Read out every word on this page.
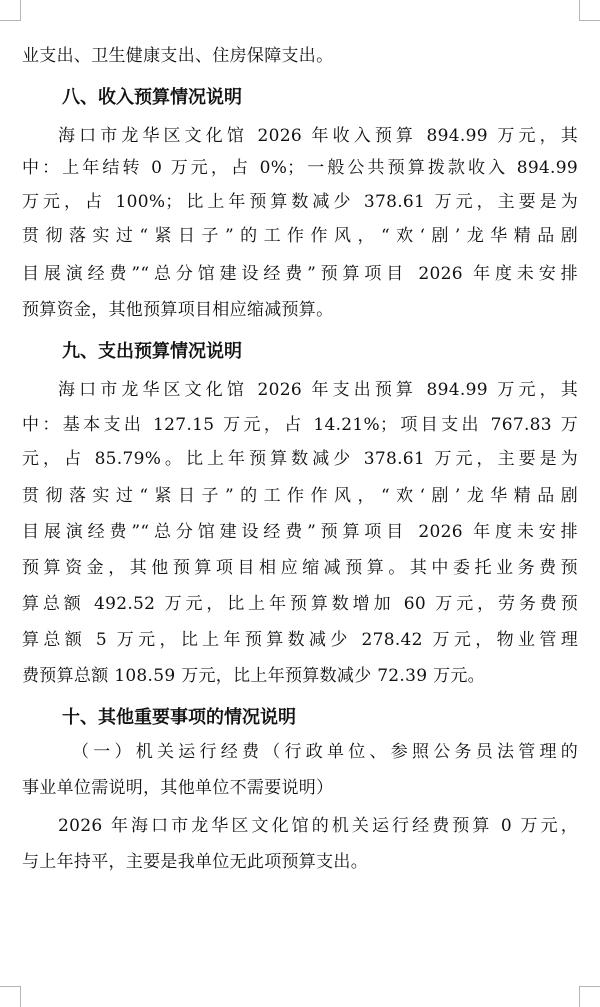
业支出、卫生健康支出、住房保障支出。
八、收入预算情况说明
海口市龙华区文化馆 2026 年收入预算 894.99 万元，其
中：上年结转 0 万元，占 0%；一般公共预算拨款收入 894.99
万元，占 100%；比上年预算数减少 378.61 万元，主要是为
贯彻落实过“紧日子”的工作作风，“欢‘剧’龙华精品剧
目展演经费”“总分馆建设经费”预算项目 2026 年度未安排
预算资金，其他预算项目相应缩减预算。
九、支出预算情况说明
海口市龙华区文化馆 2026 年支出预算 894.99 万元，其
中：基本支出 127.15 万元，占 14.21%；项目支出 767.83 万
元，占 85.79%。比上年预算数减少 378.61 万元，主要是为
贯彻落实过“紧日子”的工作作风，“欢‘剧’龙华精品剧
目展演经费”“总分馆建设经费”预算项目 2026 年度未安排
预算资金，其他预算项目相应缩减预算。其中委托业务费预
算总额 492.52 万元，比上年预算数增加 60 万元，劳务费预
算总额 5 万元，比上年预算数减少 278.42 万元，物业管理
费预算总额 108.59 万元，比上年预算数减少 72.39 万元。
十、其他重要事项的情况说明
（一）机关运行经费（行政单位、参照公务员法管理的
事业单位需说明，其他单位不需要说明）
2026 年海口市龙华区文化馆的机关运行经费预算 0 万元，
与上年持平，主要是我单位无此项预算支出。
